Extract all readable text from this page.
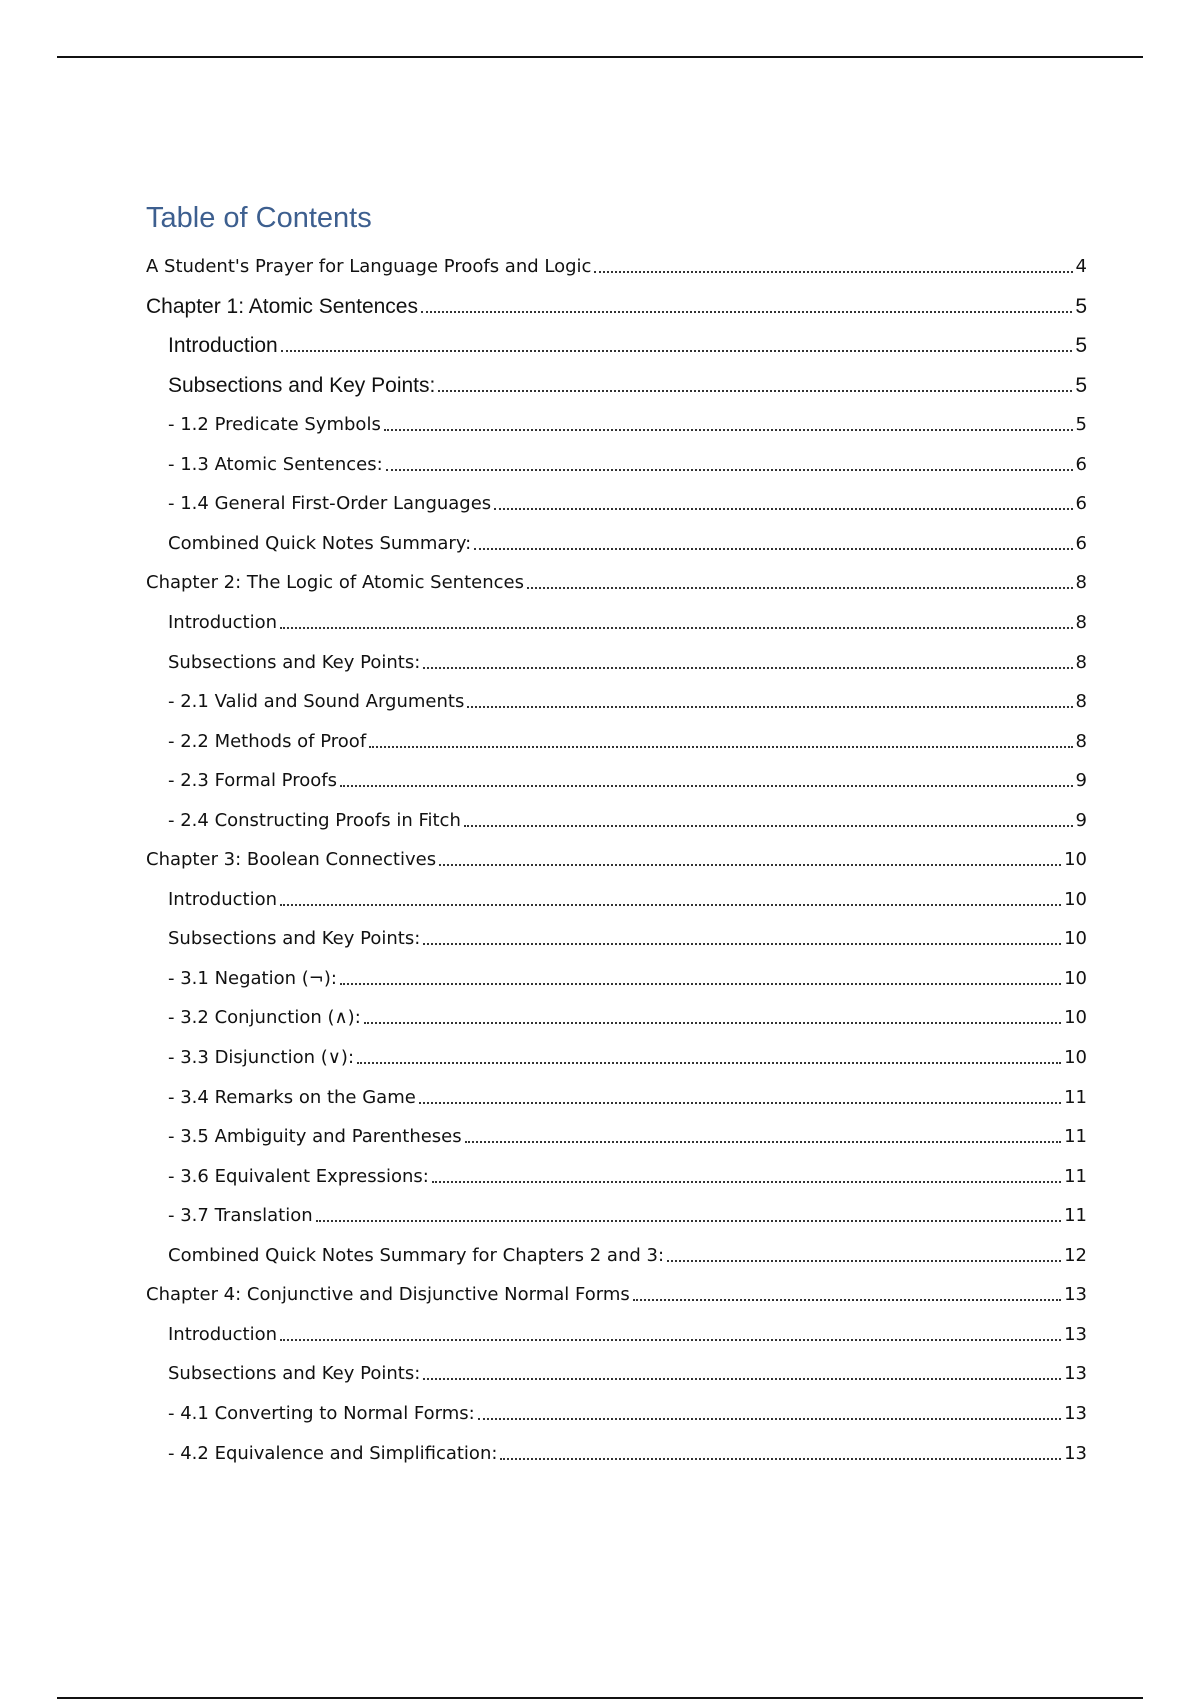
Table of Contents
A Student's Prayer for Language Proofs and Logic	4
Chapter 1: Atomic Sentences	5
Introduction	5
Subsections and Key Points:	5
- 1.2 Predicate Symbols	5
- 1.3 Atomic Sentences:	6
- 1.4 General First-Order Languages	6
Combined Quick Notes Summary:	6
Chapter 2: The Logic of Atomic Sentences	8
Introduction	8
Subsections and Key Points:	8
- 2.1 Valid and Sound Arguments	8
- 2.2 Methods of Proof	8
- 2.3 Formal Proofs	9
- 2.4 Constructing Proofs in Fitch	9
Chapter 3: Boolean Connectives	10
Introduction	10
Subsections and Key Points:	10
- 3.1 Negation (¬):	10
- 3.2 Conjunction (∧):	10
- 3.3 Disjunction (∨):	10
- 3.4 Remarks on the Game	11
- 3.5 Ambiguity and Parentheses	11
- 3.6 Equivalent Expressions:	11
- 3.7 Translation	11
Combined Quick Notes Summary for Chapters 2 and 3:	12
Chapter 4: Conjunctive and Disjunctive Normal Forms	13
Introduction	13
Subsections and Key Points:	13
- 4.1 Converting to Normal Forms:	13
- 4.2 Equivalence and Simplification:	13
